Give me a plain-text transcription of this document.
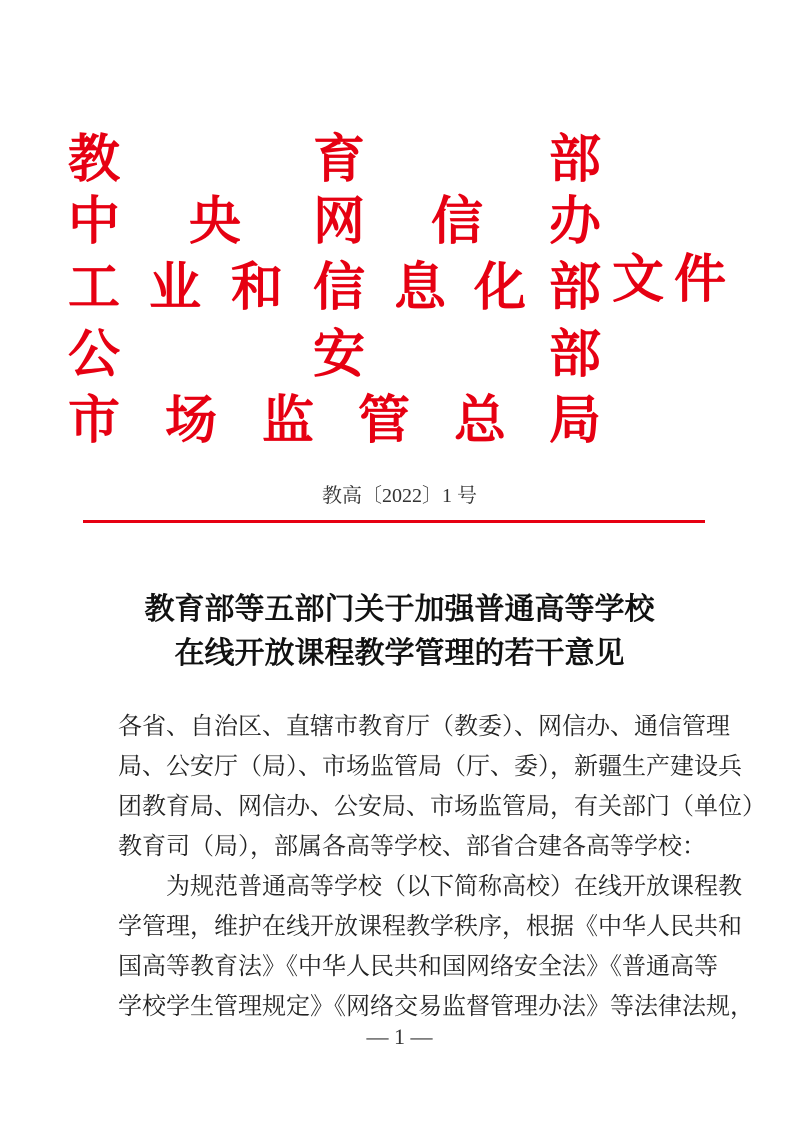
教	育	部
中 央 网 信 办
工 业 和 信 息 化 部
公	安	部
市 场 监 管 总 局
文件
教高〔2022〕1 号
教育部等五部门关于加强普通高等学校
在线开放课程教学管理的若干意见
各省、自治区、直辖市教育厅（教委）、网信办、通信管理
局、公安厅（局）、市场监管局（厅、委），新疆生产建设兵
团教育局、网信办、公安局、市场监管局，有关部门（单位）
教育司（局），部属各高等学校、部省合建各高等学校：
　　为规范普通高等学校（以下简称高校）在线开放课程教
学管理，维护在线开放课程教学秩序，根据《中华人民共和
国高等教育法》《中华人民共和国网络安全法》《普通高等
学校学生管理规定》《网络交易监督管理办法》等法律法规，
— 1 —
